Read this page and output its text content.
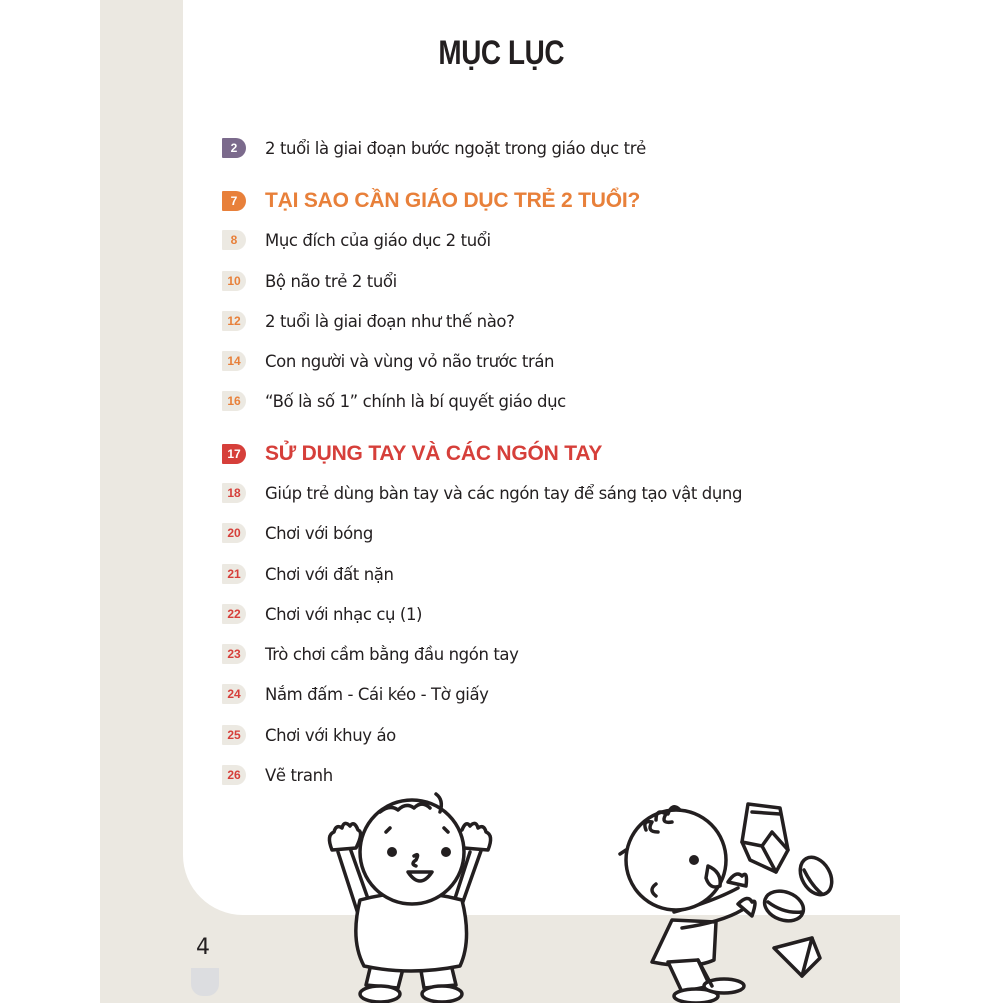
MỤC LỤC
2	2 tuổi là giai đoạn bước ngoặt trong giáo dục trẻ
7	TẠI SAO CẦN GIÁO DỤC TRẺ 2 TUỔI?
8	Mục đích của giáo dục 2 tuổi
10	Bộ não trẻ 2 tuổi
12	2 tuổi là giai đoạn như thế nào?
14	Con người và vùng vỏ não trước trán
16	“Bố là số 1” chính là bí quyết giáo dục
17 SỬ DỤNG TAY VÀ CÁC NGÓN TAY
18	Giúp trẻ dùng bàn tay và các ngón tay để sáng tạo vật dụng
20	Chơi với bóng
21	Chơi với đất nặn
22	Chơi với nhạc cụ (1)
23	Trò chơi cầm bằng đầu ngón tay
24	Nắm đấm - Cái kéo - Tờ giấy
25	Chơi với khuy áo
26	Vẽ tranh
4
